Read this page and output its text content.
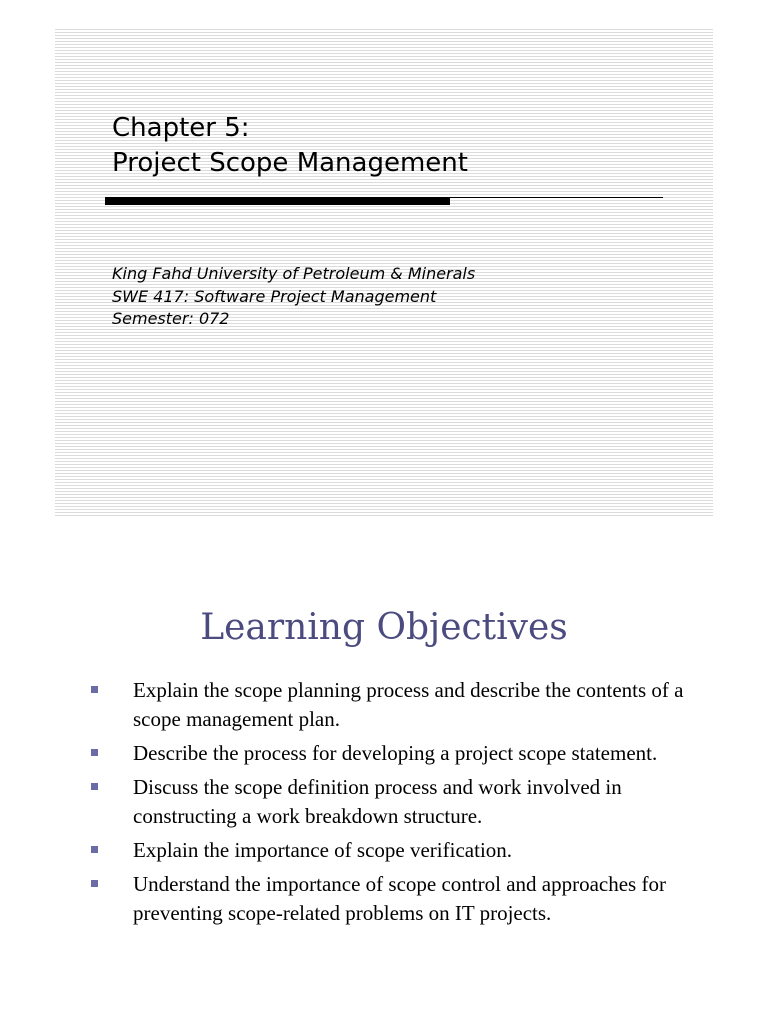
Chapter 5:
Project Scope Management
King Fahd University of Petroleum & Minerals
SWE 417: Software Project Management
Semester: 072
Learning Objectives
Explain the scope planning process and describe the contents of a scope management plan.
Describe the process for developing a project scope statement.
Discuss the scope definition process and work involved in constructing a work breakdown structure.
Explain the importance of scope verification.
Understand the importance of scope control and approaches for preventing scope-related problems on IT projects.
